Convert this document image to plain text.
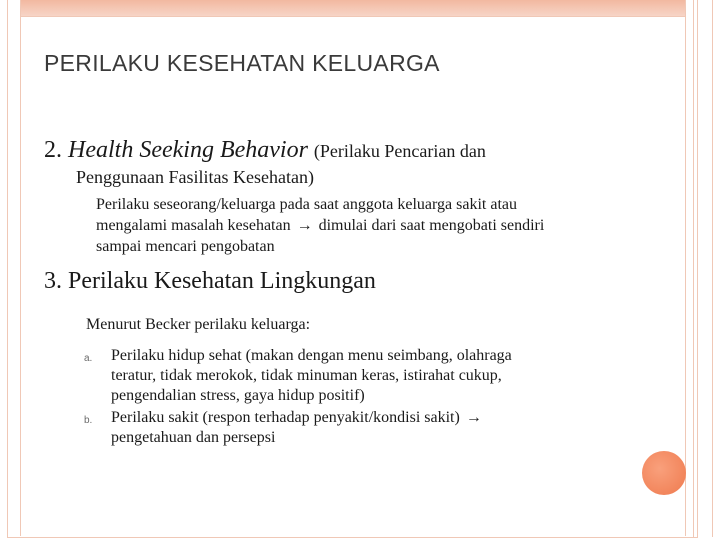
PERILAKU KESEHATAN KELUARGA
2. Health Seeking Behavior (Perilaku Pencarian dan
Penggunaan Fasilitas Kesehatan)
Perilaku seseorang/keluarga pada saat anggota keluarga sakit atau
mengalami masalah kesehatan → dimulai dari saat mengobati sendiri
sampai mencari pengobatan
3. Perilaku Kesehatan Lingkungan
Menurut Becker perilaku keluarga:
a. Perilaku hidup sehat (makan dengan menu seimbang, olahraga
teratur, tidak merokok, tidak minuman keras, istirahat cukup,
pengendalian stress, gaya hidup positif)
b. Perilaku sakit (respon terhadap penyakit/kondisi sakit) →
pengetahuan dan persepsi
